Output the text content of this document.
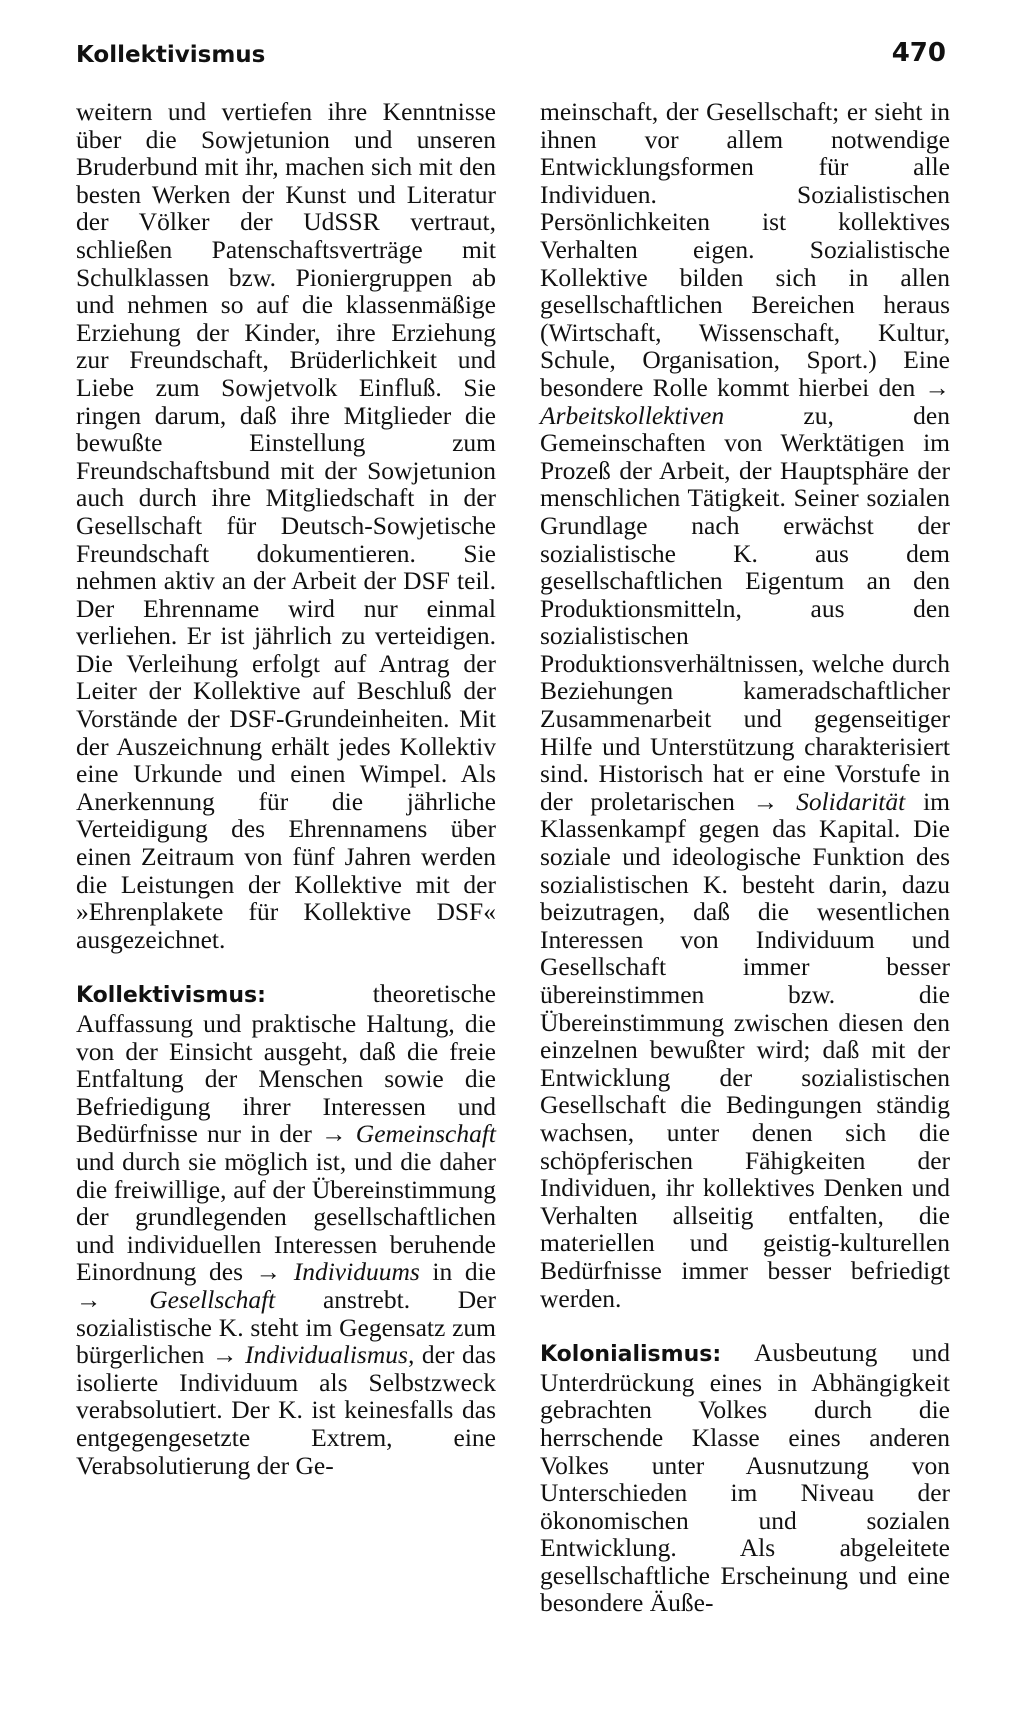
Kollektivismus	470

weitern und vertiefen ihre Kenntnisse über die Sowjetunion und unseren Bruderbund mit ihr, machen sich mit den besten Werken der Kunst und Literatur der Völker der UdSSR vertraut, schließen Patenschaftsverträge mit Schulklassen bzw. Pioniergruppen ab und nehmen so auf die klassenmäßige Erziehung der Kinder, ihre Erziehung zur Freundschaft, Brüderlichkeit und Liebe zum Sowjetvolk Einfluß. Sie ringen darum, daß ihre Mitglieder die bewußte Einstellung zum Freundschaftsbund mit der Sowjetunion auch durch ihre Mitgliedschaft in der Gesellschaft für Deutsch-Sowjetische Freundschaft dokumentieren. Sie nehmen aktiv an der Arbeit der DSF teil. Der Ehrenname wird nur einmal verliehen. Er ist jährlich zu verteidigen. Die Verleihung erfolgt auf Antrag der Leiter der Kollektive auf Beschluß der Vorstände der DSF-Grundeinheiten. Mit der Auszeichnung erhält jedes Kollektiv eine Urkunde und einen Wimpel. Als Anerkennung für die jährliche Verteidigung des Ehrennamens über einen Zeitraum von fünf Jahren werden die Leistungen der Kollektive mit der »Ehrenplakete für Kollektive DSF« ausgezeichnet.

Kollektivismus: theoretische Auffassung und praktische Haltung, die von der Einsicht ausgeht, daß die freie Entfaltung der Menschen sowie die Befriedigung ihrer Interessen und Bedürfnisse nur in der → Gemeinschaft und durch sie möglich ist, und die daher die freiwillige, auf der Übereinstimmung der grundlegenden gesellschaftlichen und individuellen Interessen beruhende Einordnung des → Individuums in die → Gesellschaft anstrebt. Der sozialistische K. steht im Gegensatz zum bürgerlichen → Individualismus, der das isolierte Individuum als Selbstzweck verabsolutiert. Der K. ist keinesfalls das entgegengesetzte Extrem, eine Verabsolutierung der Ge-

meinschaft, der Gesellschaft; er sieht in ihnen vor allem notwendige Entwicklungsformen für alle Individuen. Sozialistischen Persönlichkeiten ist kollektives Verhalten eigen. Sozialistische Kollektive bilden sich in allen gesellschaftlichen Bereichen heraus (Wirtschaft, Wissenschaft, Kultur, Schule, Organisation, Sport.) Eine besondere Rolle kommt hierbei den → Arbeitskollektiven zu, den Gemeinschaften von Werktätigen im Prozeß der Arbeit, der Hauptsphäre der menschlichen Tätigkeit. Seiner sozialen Grundlage nach erwächst der sozialistische K. aus dem gesellschaftlichen Eigentum an den Produktionsmitteln, aus den sozialistischen Produktionsverhältnissen, welche durch Beziehungen kameradschaftlicher Zusammenarbeit und gegenseitiger Hilfe und Unterstützung charakterisiert sind. Historisch hat er eine Vorstufe in der proletarischen → Solidarität im Klassenkampf gegen das Kapital. Die soziale und ideologische Funktion des sozialistischen K. besteht darin, dazu beizutragen, daß die wesentlichen Interessen von Individuum und Gesellschaft immer besser übereinstimmen bzw. die Übereinstimmung zwischen diesen den einzelnen bewußter wird; daß mit der Entwicklung der sozialistischen Gesellschaft die Bedingungen ständig wachsen, unter denen sich die schöpferischen Fähigkeiten der Individuen, ihr kollektives Denken und Verhalten allseitig entfalten, die materiellen und geistig-kulturellen Bedürfnisse immer besser befriedigt werden.

Kolonialismus: Ausbeutung und Unterdrückung eines in Abhängigkeit gebrachten Volkes durch die herrschende Klasse eines anderen Volkes unter Ausnutzung von Unterschieden im Niveau der ökonomischen und sozialen Entwicklung. Als abgeleitete gesellschaftliche Erscheinung und eine besondere Äuße-
